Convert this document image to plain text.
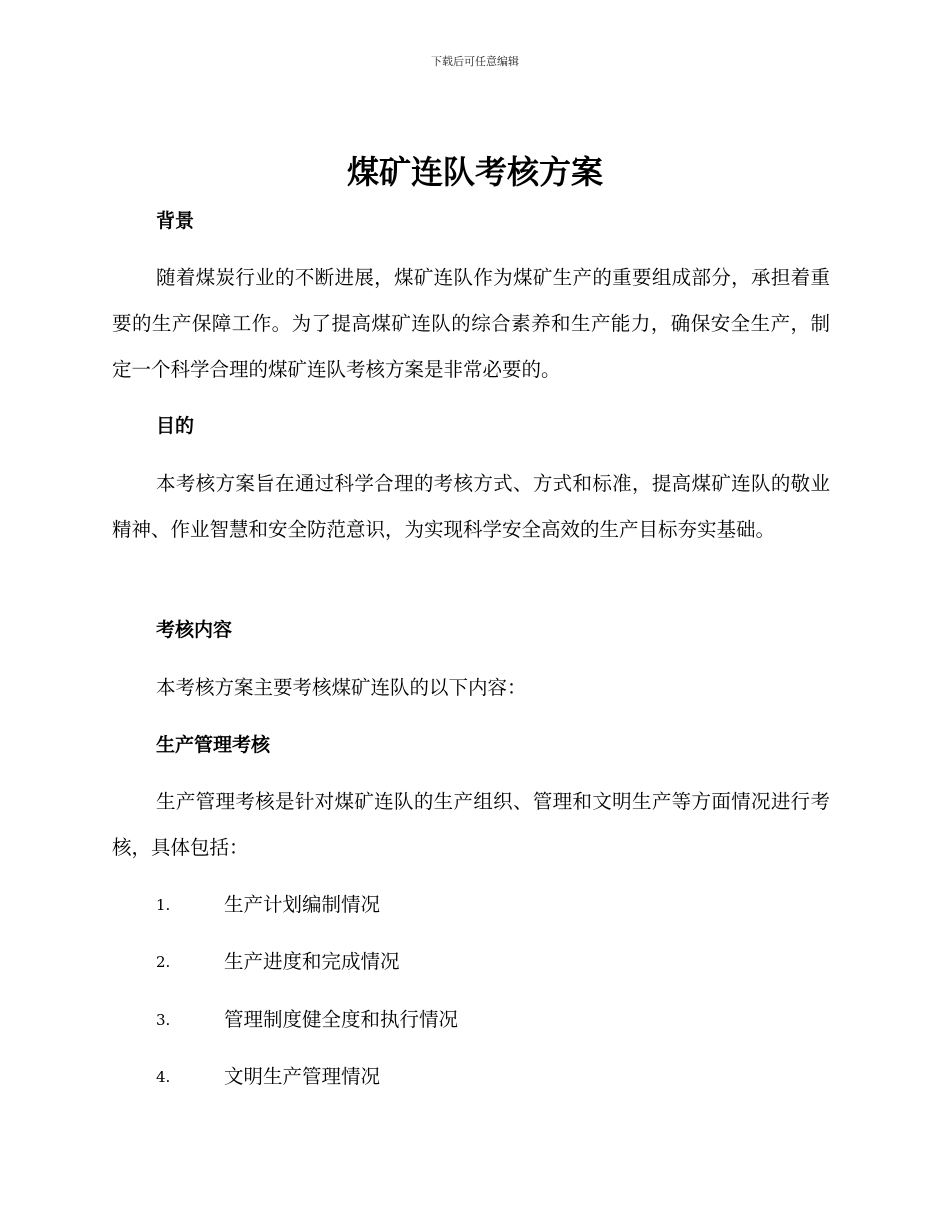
下载后可任意编辑
煤矿连队考核方案
背景

随着煤炭行业的不断进展，煤矿连队作为煤矿生产的重要组成部分，承担着重要的生产保障工作。为了提高煤矿连队的综合素养和生产能力，确保安全生产，制定一个科学合理的煤矿连队考核方案是非常必要的。

目的

本考核方案旨在通过科学合理的考核方式、方式和标准，提高煤矿连队的敬业精神、作业智慧和安全防范意识，为实现科学安全高效的生产目标夯实基础。

考核内容

本考核方案主要考核煤矿连队的以下内容：

生产管理考核

生产管理考核是针对煤矿连队的生产组织、管理和文明生产等方面情况进行考核，具体包括：

1.	生产计划编制情况
2.	生产进度和完成情况
3.	管理制度健全度和执行情况
4.	文明生产管理情况
